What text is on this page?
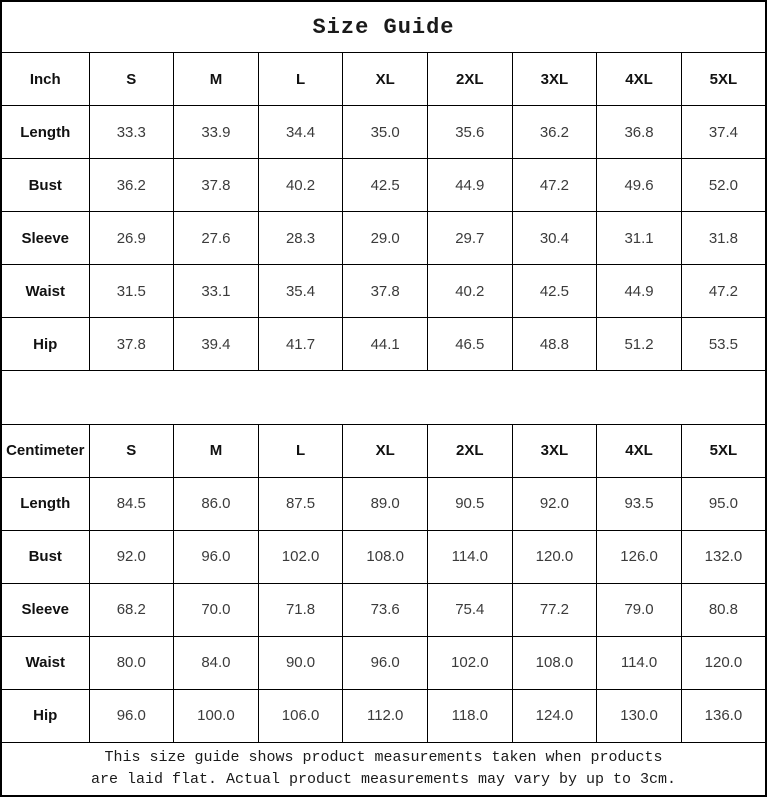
Size Guide								
Inch	S	M	L	XL	2XL	3XL	4XL	5XL
Length	33.3	33.9	34.4	35.0	35.6	36.2	36.8	37.4
Bust	36.2	37.8	40.2	42.5	44.9	47.2	49.6	52.0
Sleeve	26.9	27.6	28.3	29.0	29.7	30.4	31.1	31.8
Waist	31.5	33.1	35.4	37.8	40.2	42.5	44.9	47.2
Hip	37.8	39.4	41.7	44.1	46.5	48.8	51.2	53.5

Centimeter	S	M	L	XL	2XL	3XL	4XL	5XL
Length	84.5	86.0	87.5	89.0	90.5	92.0	93.5	95.0
Bust	92.0	96.0	102.0	108.0	114.0	120.0	126.0	132.0
Sleeve	68.2	70.0	71.8	73.6	75.4	77.2	79.0	80.8
Waist	80.0	84.0	90.0	96.0	102.0	108.0	114.0	120.0
Hip	96.0	100.0	106.0	112.0	118.0	124.0	130.0	136.0

This size guide shows product measurements taken when products
are laid flat. Actual product measurements may vary by up to 3cm.								
